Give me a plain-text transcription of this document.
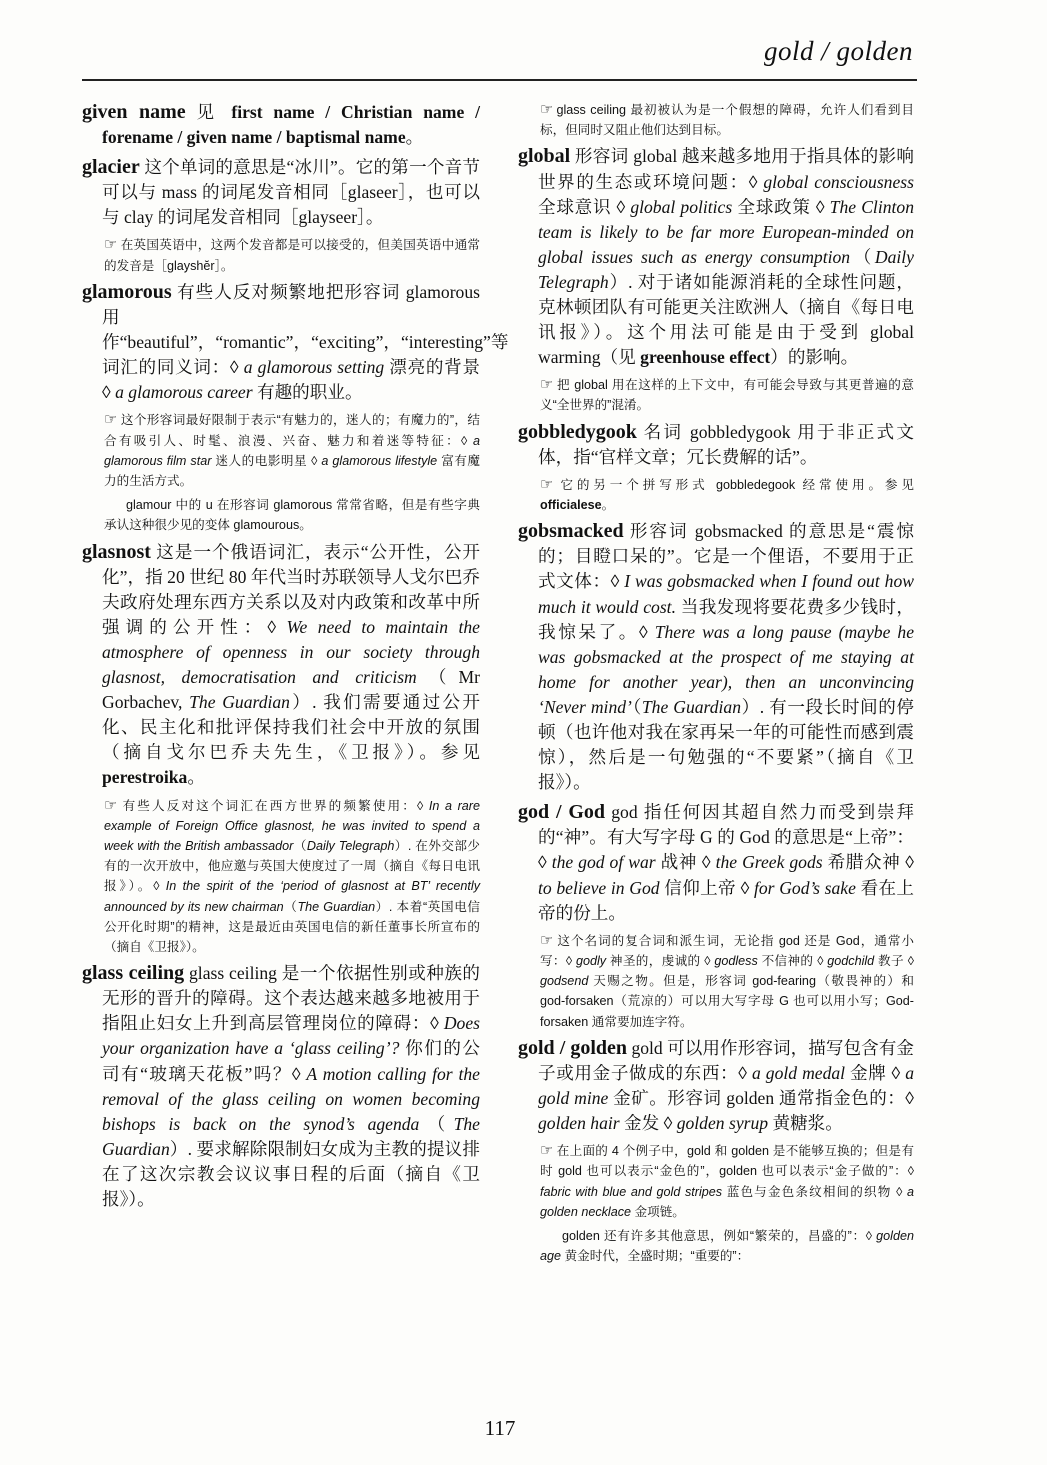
gold / golden

given name 见 first name / Christian name / forename / given name / baptismal name。

glacier 这个单词的意思是“冰川”。它的第一个音节可以与 mass 的词尾发音相同［glaseer］，也可以与 clay 的词尾发音相同［glayseer］。

☞ 在英国英语中，这两个发音都是可以接受的，但美国英语中通常的发音是［glayshĕr］。

glamorous 有些人反对频繁地把形容词 glamorous 用作“beautiful”，“romantic”，“exciting”，“interesting”等词汇的同义词：◊ a glamorous setting 漂亮的背景 ◊ a glamorous career 有趣的职业。

☞ 这个形容词最好限制于表示“有魅力的，迷人的；有魔力的”，结合有吸引人、时髦、浪漫、兴奋、魅力和着迷等特征：◊ a glamorous film star 迷人的电影明星 ◊ a glamorous lifestyle 富有魔力的生活方式。

glamour 中的 u 在形容词 glamorous 常常省略，但是有些字典承认这种很少见的变体 glamourous。

glasnost 这是一个俄语词汇，表示“公开性，公开化”，指 20 世纪 80 年代当时苏联领导人戈尔巴乔夫政府处理东西方关系以及对内政策和改革中所强调的公开性：◊ We need to maintain the atmosphere of openness in our society through glasnost, democratisation and criticism（Mr Gorbachev, The Guardian）. 我们需要通过公开化、民主化和批评保持我们社会中开放的氛围（摘自戈尔巴乔夫先生，《卫报》）。参见 perestroika。

☞ 有些人反对这个词汇在西方世界的频繁使用：◊ In a rare example of Foreign Office glasnost, he was invited to spend a week with the British ambassador（Daily Telegraph）. 在外交部少有的一次开放中，他应邀与英国大使度过了一周（摘自《每日电讯报》）。◊ In the spirit of the ‘period of glasnost at BT’ recently announced by its new chairman（The Guardian）. 本着“英国电信公开化时期”的精神，这是最近由英国电信的新任董事长所宣布的（摘自《卫报》）。

glass ceiling glass ceiling 是一个依据性别或种族的无形的晋升的障碍。这个表达越来越多地被用于指阻止妇女上升到高层管理岗位的障碍：◊ Does your organization have a ‘glass ceiling’? 你们的公司有“玻璃天花板”吗？◊ A motion calling for the removal of the glass ceiling on women becoming bishops is back on the synod’s agenda（The Guardian）. 要求解除限制妇女成为主教的提议排在了这次宗教会议议事日程的后面（摘自《卫报》）。

☞ glass ceiling 最初被认为是一个假想的障碍，允许人们看到目标，但同时又阻止他们达到目标。

global 形容词 global 越来越多地用于指具体的影响世界的生态或环境问题：◊ global consciousness 全球意识 ◊ global politics 全球政策 ◊ The Clinton team is likely to be far more European-minded on global issues such as energy consumption（Daily Telegraph）. 对于诸如能源消耗的全球性问题，克林顿团队有可能更关注欧洲人（摘自《每日电讯报》）。这个用法可能是由于受到 global warming（见 greenhouse effect）的影响。

☞ 把 global 用在这样的上下文中，有可能会导致与其更普遍的意义“全世界的”混淆。

gobbledygook 名词 gobbledygook 用于非正式文体，指“官样文章；冗长费解的话”。

☞ 它的另一个拼写形式 gobbledegook 经常使用。参见 officialese。

gobsmacked 形容词 gobsmacked 的意思是“震惊的；目瞪口呆的”。它是一个俚语，不要用于正式文体：◊ I was gobsmacked when I found out how much it would cost. 当我发现将要花费多少钱时，我惊呆了。◊ There was a long pause (maybe he was gobsmacked at the prospect of me staying at home for another year), then an unconvincing ‘Never mind’（The Guardian）. 有一段长时间的停顿（也许他对我在家再呆一年的可能性而感到震惊），然后是一句勉强的“不要紧”（摘自《卫报》）。

god / God god 指任何因其超自然力而受到崇拜的“神”。有大写字母 G 的 God 的意思是“上帝”：◊ the god of war 战神 ◊ the Greek gods 希腊众神 ◊ to believe in God 信仰上帝 ◊ for God’s sake 看在上帝的份上。

☞ 这个名词的复合词和派生词，无论指 god 还是 God，通常小写：◊ godly 神圣的，虔诚的 ◊ godless 不信神的 ◊ godchild 教子 ◊ godsend 天赐之物。但是，形容词 god-fearing（敬畏神的）和 god-forsaken（荒凉的）可以用大写字母 G 也可以用小写；God-forsaken 通常要加连字符。

gold / golden gold 可以用作形容词，描写包含有金子或用金子做成的东西：◊ a gold medal 金牌 ◊ a gold mine 金矿。形容词 golden 通常指金色的：◊ golden hair 金发 ◊ golden syrup 黄糖浆。

☞ 在上面的 4 个例子中，gold 和 golden 是不能够互换的；但是有时 gold 也可以表示“金色的”，golden 也可以表示“金子做的”：◊ fabric with blue and gold stripes 蓝色与金色条纹相间的织物 ◊ a golden necklace 金项链。

golden 还有许多其他意思，例如“繁荣的，昌盛的”：◊ golden age 黄金时代，全盛时期；“重要的”：

117
